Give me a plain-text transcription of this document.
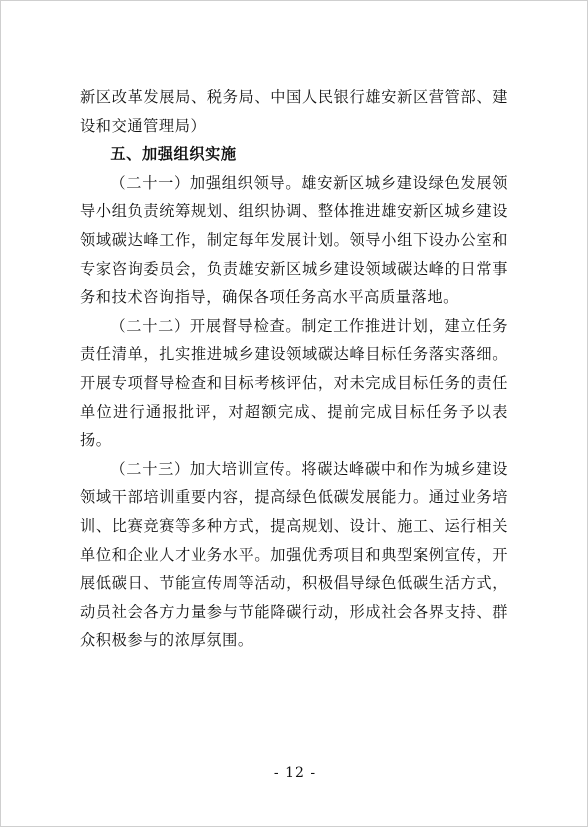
新区改革发展局、税务局、中国人民银行雄安新区营管部、建设和交通管理局）

五、加强组织实施

（二十一）加强组织领导。雄安新区城乡建设绿色发展领导小组负责统筹规划、组织协调、整体推进雄安新区城乡建设领域碳达峰工作，制定每年发展计划。领导小组下设办公室和专家咨询委员会，负责雄安新区城乡建设领域碳达峰的日常事务和技术咨询指导，确保各项任务高水平高质量落地。

（二十二）开展督导检查。制定工作推进计划，建立任务责任清单，扎实推进城乡建设领域碳达峰目标任务落实落细。开展专项督导检查和目标考核评估，对未完成目标任务的责任单位进行通报批评，对超额完成、提前完成目标任务予以表扬。

（二十三）加大培训宣传。将碳达峰碳中和作为城乡建设领域干部培训重要内容，提高绿色低碳发展能力。通过业务培训、比赛竞赛等多种方式，提高规划、设计、施工、运行相关单位和企业人才业务水平。加强优秀项目和典型案例宣传，开展低碳日、节能宣传周等活动，积极倡导绿色低碳生活方式，动员社会各方力量参与节能降碳行动，形成社会各界支持、群众积极参与的浓厚氛围。

- 12 -
